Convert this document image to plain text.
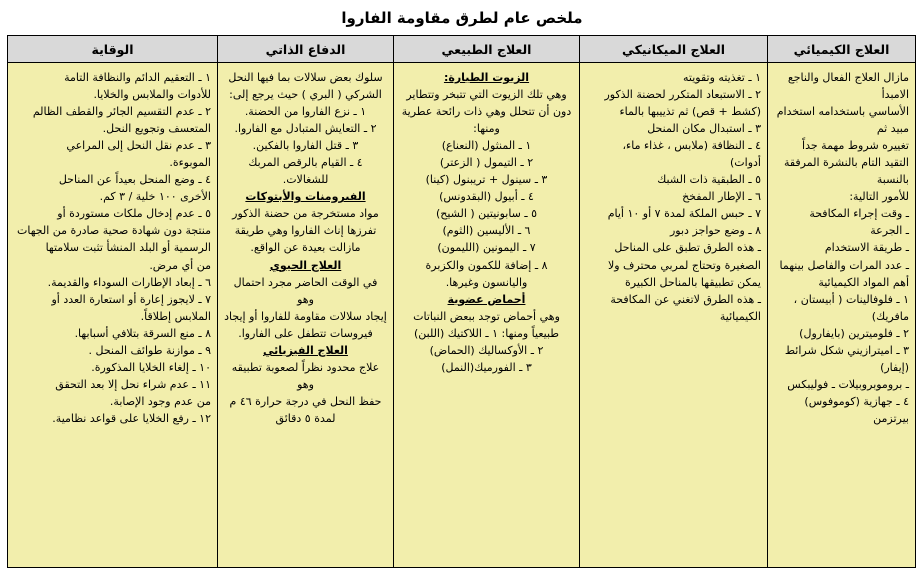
ملخص عام لطرق مقاومة الفاروا
العلاج الكيميائي	العلاج الميكانيكي	العلاج الطبيعي	الدفاع الذاتي	الوقاية

مازال العلاج الفعال والناجع الامبدأ
الأساسي باستخدامه استخدام مبيد ثم
تغييره شروط مهمة جداً
التقيد التام بالنشرة المرفقة بالنسبة
للأمور التالية:
ـ وقت إجراء المكافحة
ـ الجرعة
ـ طريقة الاستخدام
ـ عدد المرات والفاصل بينهما
أهم المواد الكيميائية
١ ـ فلوفالينات ( أبيستان ، مافريك)
٢ ـ فلوميترين (بايفارول)
٣ ـ اميترازيني شكل شرائط (إيفار)
ـ بروموبروبيلات ـ فوليبكس
٤ ـ جهازية (كوموفوس) بيرتزمن

١ ـ تغذيته وتقويته
٢ ـ الاستبعاد المتكرر لحضنة الذكور
(كشط + قص) ثم تذييبها بالماء
٣ ـ استبدال مكان المنحل
٤ ـ النظافة (ملابس ، غذاء ماء،
أدوات)
٥ ـ الطبقية ذات الشبك
٦ ـ الإطار المفخخ
٧ ـ حبس الملكة لمدة ٧ أو ١٠ أيام
٨ ـ وضع حواجز دبور
ـ هذه الطرق تطبق على المناحل
الصغيرة وتحتاج لمربي محترف ولا
يمكن تطبيقها بالمناحل الكبيرة
ـ هذه الطرق لاتغني عن المكافحة
الكيميائية

الزيوت الطيارة:
وهي تلك الزيوت التي تتبخر وتتطاير
دون أن تتحلل وهي ذات رائحة عطرية
ومنها:
١ ـ المنثول (النعناع)
٢ ـ التيمول ( الزعتر)
٣ ـ سينول + تريبنول (كينا)
٤ ـ أبيول (البقدونس)
٥ ـ سابونيتين ( الشيح)
٦ ـ الأليسين (الثوم)
٧ ـ اليمونين (الليمون)
٨ ـ إضافة للكمون والكزبرة
واليانسون وغيرها.
أحماض عضوية
وهي أحماض توجد ببعض النباتات
طبيعياً ومنها: ١ ـ اللاكتيك (اللبن)
٢ ـ الأوكساليك (الحماض)
٣ ـ الفورميك(النمل)

سلوك بعض سلالات بما فيها النحل
الشركي ( البري ) حيث يرجع إلى:
١ ـ نزع الفاروا من الحضنة.
٢ ـ التعايش المتبادل مع الفاروا.
٣ ـ قتل الفاروا بالفكين.
٤ ـ القيام بالرقص المربك للشغالات.
الفيرومنات والأبتوكات
مواد مستخرجة من حضنة الذكور
تفرزها إناث الفاروا وهي طريقة
مازالت بعيدة عن الواقع.
العلاج الحيوي
في الوقت الحاضر مجرد احتمال وهو
إيجاد سلالات مقاومة للفاروا أو إيجاد
فيروسات تتطفل على الفاروا.
العلاج الفيزيائي
علاج محدود نظراً لصعوبة تطبيقه وهو
حفظ النحل في درجة حرارة ٤٦ م
لمدة ٥ دقائق

١ ـ التعقيم الدائم والنظافة التامة
للأدوات والملابس والخلايا.
٢ ـ عدم التقسيم الجائر والقطف الظالم
المتعسف وتجويع النحل.
٣ ـ عدم نقل النحل إلى المراعي
الموبوءة.
٤ ـ وضع المنحل بعيداً عن المناحل
الأخرى ١٠٠ خلية / ٣ كم.
٥ ـ عدم إدخال ملكات مستوردة أو
منتجة دون شهادة صحية صادرة من الجهات
الرسمية أو البلد المنشأ تثبت سلامتها
من أي مرض.
٦ ـ إبعاد الإطارات السوداء والقديمة.
٧ ـ لايجوز إعارة أو استعارة العدد أو
الملابس إطلاقاً.
٨ ـ منع السرقة بتلافي أسبابها.
٩ ـ موازنة طوائف المنحل .
١٠ ـ إلغاء الخلايا المذكورة.
١١ ـ عدم شراء نحل إلا بعد التحقق
من عدم وجود الإصابة.
١٢ ـ رفع الخلايا على قواعد نظامية.
